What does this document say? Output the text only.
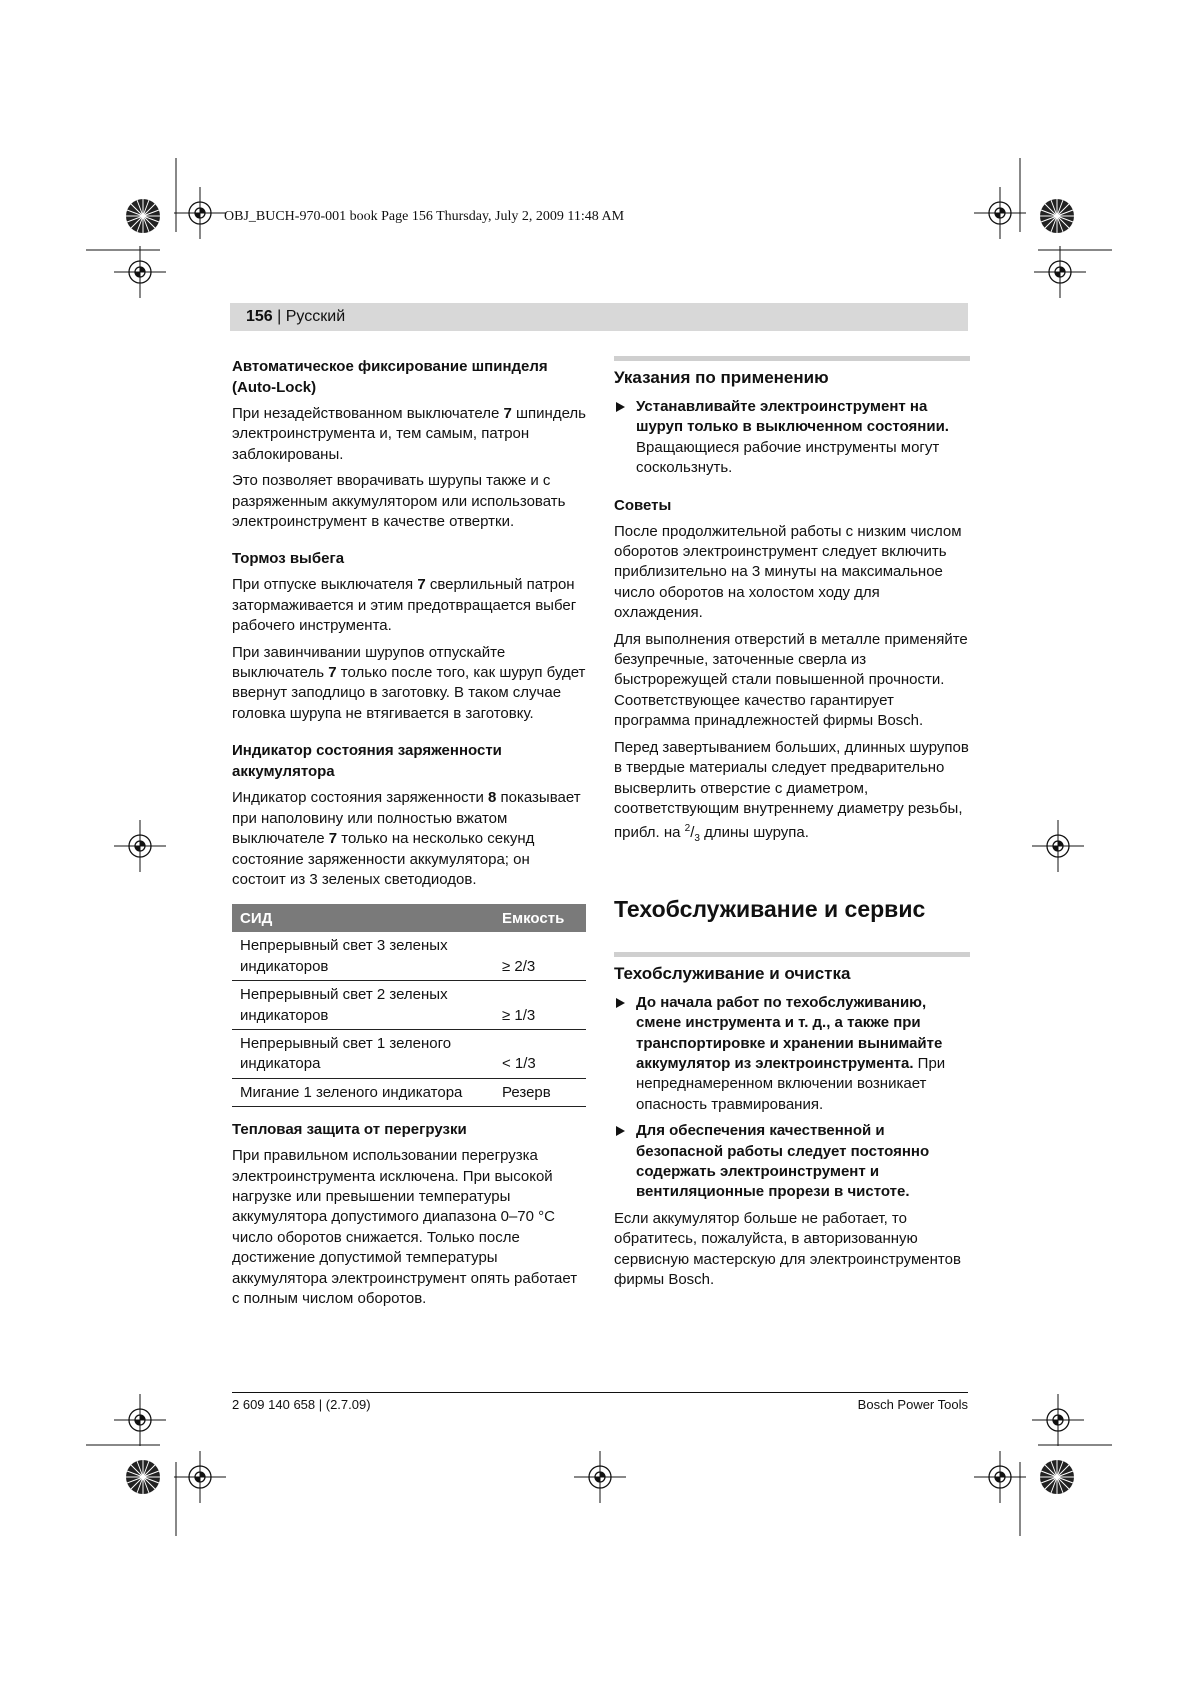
OBJ_BUCH-970-001 book Page 156 Thursday, July 2, 2009 11:48 AM
156 | Русский
Автоматическое фиксирование шпинделя (Auto-Lock)

При незадействованном выключателе 7 шпиндель электроинструмента и, тем самым, патрон заблокированы.

Это позволяет вворачивать шурупы также и с разряженным аккумулятором или использовать электроинструмент в качестве отвертки.

Тормоз выбега

При отпуске выключателя 7 сверлильный патрон затормаживается и этим предотвращается выбег рабочего инструмента.

При завинчивании шурупов отпускайте выключатель 7 только после того, как шуруп будет ввернут заподлицо в заготовку. В таком случае головка шурупа не втягивается в заготовку.

Индикатор состояния заряженности аккумулятора

Индикатор состояния заряженности 8 показывает при наполовину или полностью вжатом выключателе 7 только на несколько секунд состояние заряженности аккумулятора; он состоит из 3 зеленых светодиодов.

СИД	Емкость
Непрерывный свет 3 зеленых индикаторов	≥ 2/3
Непрерывный свет 2 зеленых индикаторов	≥ 1/3
Непрерывный свет 1 зеленого индикатора	< 1/3
Мигание 1 зеленого индикатора	Резерв
Тепловая защита от перегрузки

При правильном использовании перегрузка электроинструмента исключена. При высокой нагрузке или превышении температуры аккумулятора допустимого диапазона 0–70 °C число оборотов снижается. Только после достижение допустимой температуры аккумулятора электроинструмент опять работает с полным числом оборотов.

Указания по применению
Устанавливайте электроинструмент на шуруп только в выключенном состоянии. Вращающиеся рабочие инструменты могут соскользнуть.
Советы

После продолжительной работы с низким числом оборотов электроинструмент следует включить приблизительно на 3 минуты на максимальное число оборотов на холостом ходу для охлаждения.

Для выполнения отверстий в металле применяйте безупречные, заточенные сверла из быстрорежущей стали повышенной прочности. Соответствующее качество гарантирует программа принадлежностей фирмы Bosch.

Перед завертыванием больших, длинных шурупов в твердые материалы следует предварительно высверлить отверстие с диаметром, соответствующим внутреннему диаметру резьбы, прибл. на $^2/_3$ длины шурупа.

Техобслуживание и сервис
Техобслуживание и очистка
До начала работ по техобслуживанию, смене инструмента и т. д., а также при транспортировке и хранении вынимайте аккумулятор из электроинструмента. При непреднамеренном включении возникает опасность травмирования.
Для обеспечения качественной и безопасной работы следует постоянно содержать электроинструмент и вентиляционные прорези в чистоте.

Если аккумулятор больше не работает, то обратитесь, пожалуйста, в авторизованную сервисную мастерскую для электроинструментов фирмы Bosch.

2 609 140 658 | (2.7.09)	Bosch Power Tools
